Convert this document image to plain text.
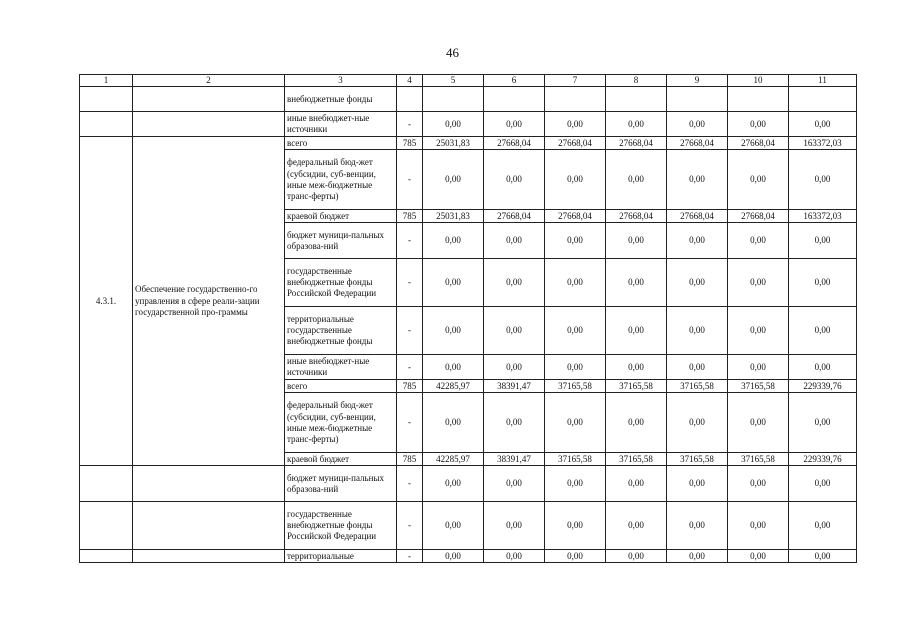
46
1	2	3	4	5	6	7	8	9	10	11
		внебюджетные фонды								
		иные внебюджет-ные источники	-	0,00	0,00	0,00	0,00	0,00	0,00	0,00
4.3.1.	Обеспечение государственно-го управления в сфере реали-зации государственной про-граммы	всего	785	25031,83	27668,04	27668,04	27668,04	27668,04	27668,04	163372,03
		федеральный бюд-жет (субсидии, суб-венции, иные меж-бюджетные транс-ферты)	-	0,00	0,00	0,00	0,00	0,00	0,00	0,00
		краевой бюджет	785	25031,83	27668,04	27668,04	27668,04	27668,04	27668,04	163372,03
		бюджет муници-пальных образова-ний	-	0,00	0,00	0,00	0,00	0,00	0,00	0,00
		государственные внебюджетные фонды Российской Федерации	-	0,00	0,00	0,00	0,00	0,00	0,00	0,00
		территориальные государственные внебюджетные фонды	-	0,00	0,00	0,00	0,00	0,00	0,00	0,00
		иные внебюджет-ные источники	-	0,00	0,00	0,00	0,00	0,00	0,00	0,00
		всего	785	42285,97	38391,47	37165,58	37165,58	37165,58	37165,58	229339,76
		федеральный бюд-жет (субсидии, суб-венции, иные меж-бюджетные транс-ферты)	-	0,00	0,00	0,00	0,00	0,00	0,00	0,00
		краевой бюджет	785	42285,97	38391,47	37165,58	37165,58	37165,58	37165,58	229339,76
		бюджет муници-пальных образова-ний	-	0,00	0,00	0,00	0,00	0,00	0,00	0,00
		государственные внебюджетные фонды Российской Федерации	-	0,00	0,00	0,00	0,00	0,00	0,00	0,00
		территориальные	-	0,00	0,00	0,00	0,00	0,00	0,00	0,00
